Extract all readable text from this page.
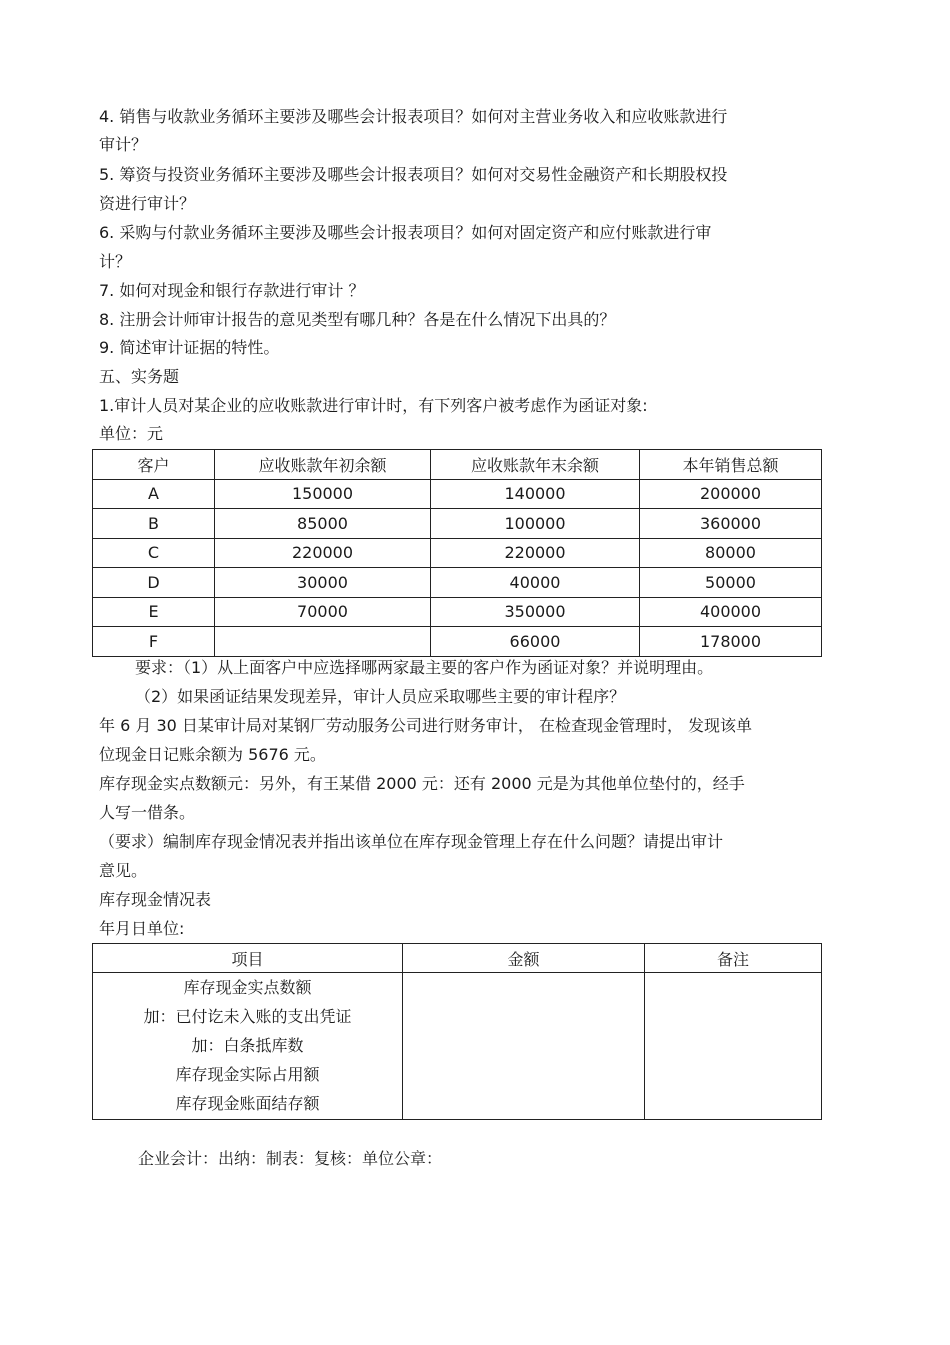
4. 销售与收款业务循环主要涉及哪些会计报表项目？如何对主营业务收入和应收账款进行
审计？
5. 筹资与投资业务循环主要涉及哪些会计报表项目？如何对交易性金融资产和长期股权投
资进行审计？
6. 采购与付款业务循环主要涉及哪些会计报表项目？如何对固定资产和应付账款进行审
计？
7. 如何对现金和银行存款进行审计 ？
8. 注册会计师审计报告的意见类型有哪几种？各是在什么情况下出具的？
9. 简述审计证据的特性。
五、实务题
1.审计人员对某企业的应收账款进行审计时，有下列客户被考虑作为函证对象:
单位：元
客户	应收账款年初余额	应收账款年末余额	本年销售总额
A	150000	140000	200000
B	85000	100000	360000
C	220000	220000	80000
D	30000	40000	50000
E	70000	350000	400000
F		66000	178000
要求：（1）从上面客户中应选择哪两家最主要的客户作为函证对象？并说明理由。
（2）如果函证结果发现差异，审计人员应采取哪些主要的审计程序？
年 6 月 30 日某审计局对某钢厂劳动服务公司进行财务审计， 在检查现金管理时， 发现该单
位现金日记账余额为 5676 元。
库存现金实点数额元：另外，有王某借 2000 元：还有 2000 元是为其他单位垫付的，经手
人写一借条。
（要求）编制库存现金情况表并指出该单位在库存现金管理上存在什么问题？请提出审计
意见。
库存现金情况表
年月日单位:
项目	金额	备注

库存现金实点数额
加：已付讫未入账的支出凭证
加：白条抵库数
库存现金实际占用额
库存现金账面结存额		

企业会计：出纳：制表：复核：单位公章：
